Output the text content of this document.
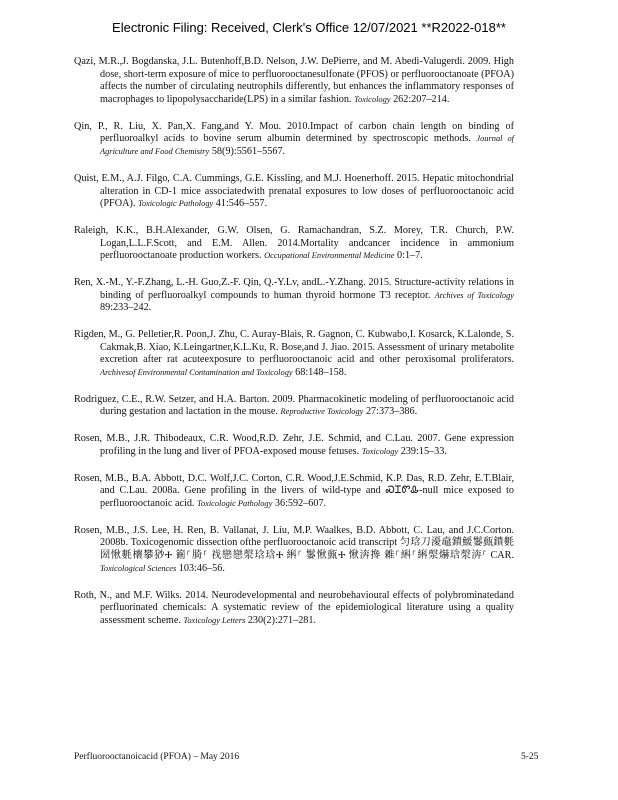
Electronic Filing: Received, Clerk's Office 12/07/2021 **R2022-018**

Qazi, M.R.,J. Bogdanska, J.L. Butenhoff,B.D. Nelson, J.W. DePierre, and M. Abedi-Valugerdi. 2009. High dose, short-term exposure of mice to perfluorooctanesulfonate (PFOS) or perfluorooctanoate (PFOA) affects the number of circulating neutrophils differently, but enhances the inflammatory responses of macrophages to lipopolysaccharide(LPS) in a similar fashion. Toxicology 262:207–214.

Qin, P., R. Liu, X. Pan,X. Fang,and Y. Mou. 2010.Impact of carbon chain length on binding of perfluoroalkyl acids to bovine serum albumin determined by spectroscopic methods. Journal of Agriculture and Food Chemistry 58(9):5561–5567.

Quist, E.M., A.J. Filgo, C.A. Cummings, G.E. Kissling, and M.J. Hoenerhoff. 2015. Hepatic mitochondrial alteration in CD-1 mice associatedwith prenatal exposures to low doses of perfluorooctanoic acid (PFOA). Toxicologic Pathology 41:546–557.

Raleigh, K.K., B.H.Alexander, G.W. Olsen, G. Ramachandran, S.Z. Morey, T.R. Church, P.W. Logan,L.L.F.Scott, and E.M. Allen. 2014.Mortality andcancer incidence in ammonium perfluorooctanoate production workers. Occupational Environmental Medicine 0:1–7.

Ren, X.-M., Y.-F.Zhang, L.-H. Guo,Z.-F. Qin, Q.-Y.Lv, andL.-Y.Zhang. 2015. Structure-activity relations in binding of perfluoroalkyl compounds to human thyroid hormone T3 receptor. Archives of Toxicology 89:233–242.

Rigden, M., G. Pelletier,R. Poon,J. Zhu, C. Auray-Blais, R. Gagnon, C. Kubwabo,I. Kosarck, K.Lalonde, S. Cakmak,B. Xiao, K.Leingartner,K.L.Ku, R. Bose,and J. Jiao. 2015. Assessment of urinary metabolite excretion after rat acuteexposure to perfluorooctanoic acid and other peroxisomal proliferators. Archivesof Environmental Contamination and Toxicology 68:148–158.

Rodriguez, C.E., R.W. Setzer, and H.A. Barton. 2009. Pharmacokinetic modeling of perfluorooctanoic acid during gestation and lactation in the mouse. Reproductive Toxicology 27:373–386.

Rosen, M.B., J.R. Thibodeaux, C.R. Wood,R.D. Zehr, J.E. Schmid, and C.Lau. 2007. Gene expression profiling in the lung and liver of PFOA-exposed mouse fetuses. Toxicology 239:15–33.

Rosen, M.B., B.A. Abbott, D.C. Wolf,J.C. Corton, C.R. Wood,J.E.Schmid, K.P. Das, R.D. Zehr, E.T.Blair, and C.Lau. 2008a. Gene profiling in the livers of wild-type and ᏍᏆᏛᎲ-null mice exposed to perfluorooctanoic acid. Toxicologic Pathology 36:592–607.

Rosen, M.B., J.S. Lee, H. Ren, B. Vallanat, J. Liu, M.P. Waalkes, B.D. Abbott, C. Lau, and J.C.Corton. 2008b. Toxicogenomic dissection ofthe perfluorooctanoic acid transcript 匀琀刀瀀鼀鐀鰀䰀甀鐀氀圀愀氀欀攀猀Ⰰ 䈀⸀䐀⸀ 䄀戀戀漀琀琀Ⰰ 䌀⸀ 䰀愀甀Ⰰ 愀渀搀 䨀⸀䌀⸀䌀漀爀琀漀渀⸀ CAR. Toxicological Sciences 103:46–56.

Roth, N., and M.F. Wilks. 2014. Neurodevelopmental and neurobehavioural effects of polybrominatedand perfluorinated chemicals: A systematic review of the epidemiological literature using a quality assessment scheme. Toxicology Letters 230(2):271–281.

Perfluorooctanoicacid (PFOA) – May 2016	5-25
